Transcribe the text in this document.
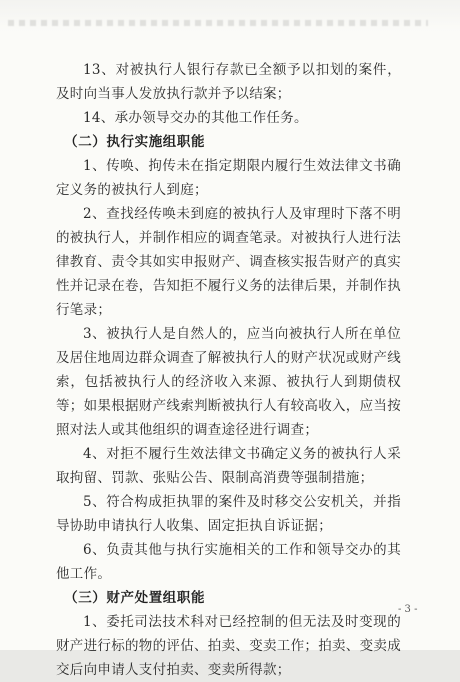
13、对被执行人银行存款已全额予以扣划的案件，及时向当事人发放执行款并予以结案；

14、承办领导交办的其他工作任务。

（二）执行实施组职能

1、传唤、拘传未在指定期限内履行生效法律文书确定义务的被执行人到庭；

2、查找经传唤未到庭的被执行人及审理时下落不明的被执行人，并制作相应的调查笔录。对被执行人进行法律教育、责令其如实申报财产、调查核实报告财产的真实性并记录在卷，告知拒不履行义务的法律后果，并制作执行笔录；

3、被执行人是自然人的，应当向被执行人所在单位及居住地周边群众调查了解被执行人的财产状况或财产线索，包括被执行人的经济收入来源、被执行人到期债权等；如果根据财产线索判断被执行人有较高收入，应当按照对法人或其他组织的调查途径进行调查；

4、对拒不履行生效法律文书确定义务的被执行人采取拘留、罚款、张贴公告、限制高消费等强制措施；

5、符合构成拒执罪的案件及时移交公安机关，并指导协助申请执行人收集、固定拒执自诉证据；

6、负责其他与执行实施相关的工作和领导交办的其他工作。

（三）财产处置组职能

1、委托司法技术科对已经控制的但无法及时变现的财产进行标的物的评估、拍卖、变卖工作；拍卖、变卖成交后向申请人支付拍卖、变卖所得款；

- 3 -
